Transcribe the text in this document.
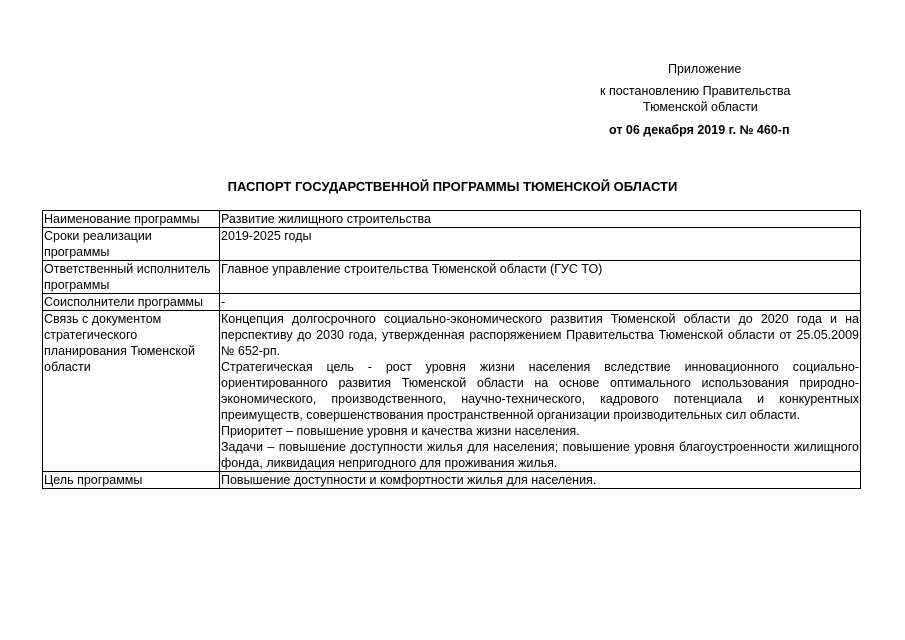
Приложение
к постановлению Правительства
Тюменской области
от 06 декабря 2019 г. № 460-п
ПАСПОРТ ГОСУДАРСТВЕННОЙ ПРОГРАММЫ ТЮМЕНСКОЙ ОБЛАСТИ
Наименование программы	Развитие жилищного строительства

Сроки реализации программы	2019-2025 годы

Ответственный исполнитель программы	Главное управление строительства Тюменской области (ГУС ТО)

Соисполнители программы	-

Связь с документом стратегического планирования Тюменской области	Концепция долгосрочного социально-экономического развития Тюменской области до 2020 года и на перспективу до 2030 года, утвержденная распоряжением Правительства Тюменской области от 25.05.2009 № 652-рп.
Стратегическая цель - рост уровня жизни населения вследствие инновационного социально-ориентированного развития Тюменской области на основе оптимального использования природно-экономического, производственного, научно-технического, кадрового потенциала и конкурентных преимуществ, совершенствования пространственной организации производительных сил области.
Приоритет – повышение уровня и качества жизни населения.
Задачи – повышение доступности жилья для населения; повышение уровня благоустроенности жилищного фонда, ликвидация непригодного для проживания жилья.

Цель программы	Повышение доступности и комфортности жилья для населения.
